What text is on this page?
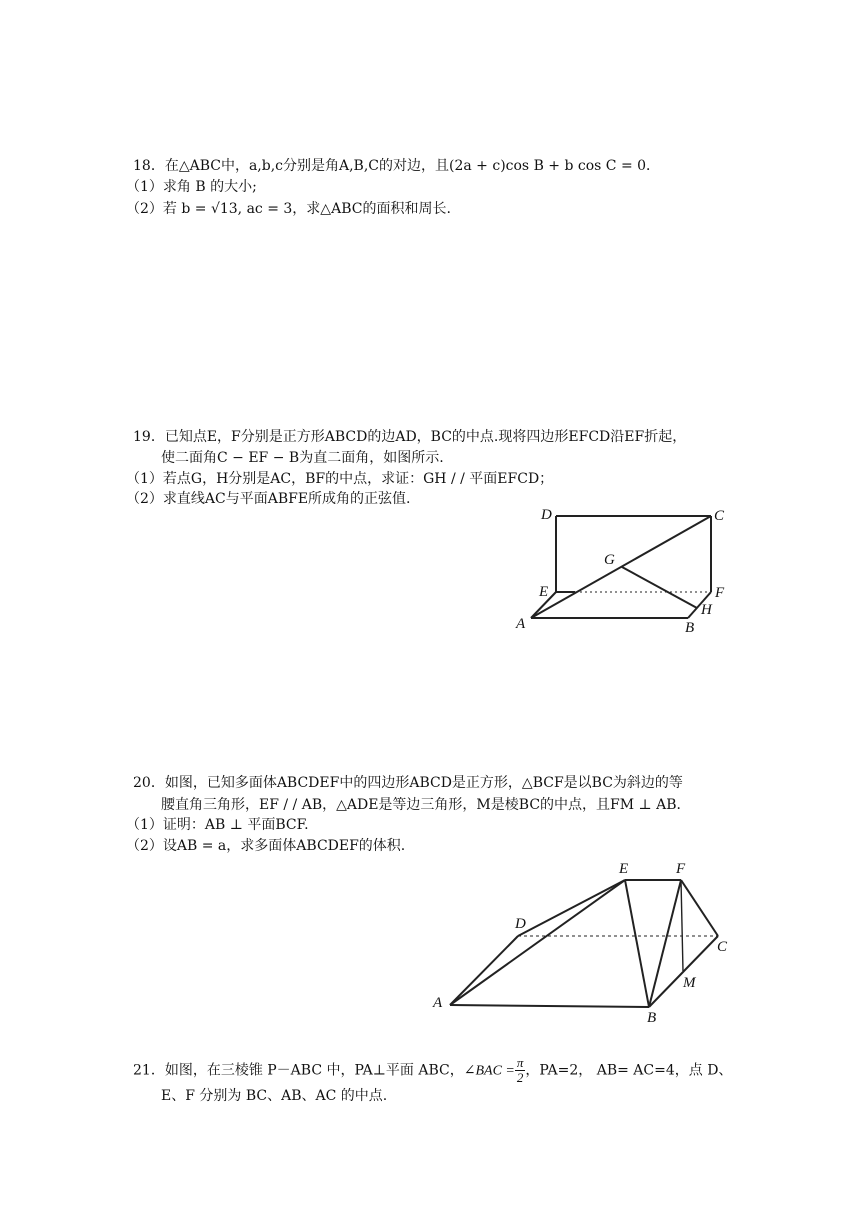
18．在△ABC中，a,b,c分别是角A,B,C的对边，且(2a + c)cos B + b cos C = 0．
（1）求角 B 的大小;
（2）若 b = √13, ac = 3，求△ABC的面积和周长.
19．已知点E，F分别是正方形ABCD的边AD，BC的中点.现将四边形EFCD沿EF折起，
使二面角C − EF − B为直二面角，如图所示.
（1）若点G，H分别是AC，BF的中点，求证：GH / / 平面EFCD；
（2）求直线AC与平面ABFE所成角的正弦值.
D	C
G
E	F
H
A	B
20．如图，已知多面体ABCDEF中的四边形ABCD是正方形，△BCF是以BC为斜边的等
腰直角三角形，EF / / AB，△ADE是等边三角形，M是棱BC的中点，且FM ⊥ AB．
（1）证明：AB ⊥ 平面BCF.
（2）设AB = a，求多面体ABCDEF的体积.
E	F
D
C
M
A
B
21．如图，在三棱锥 P－ABC 中，PA⊥平面 ABC，∠BAC = $\frac{\pi}{2}$ ，PA=2， AB= AC=4，点 D、
E、F 分别为 BC、AB、AC 的中点.
